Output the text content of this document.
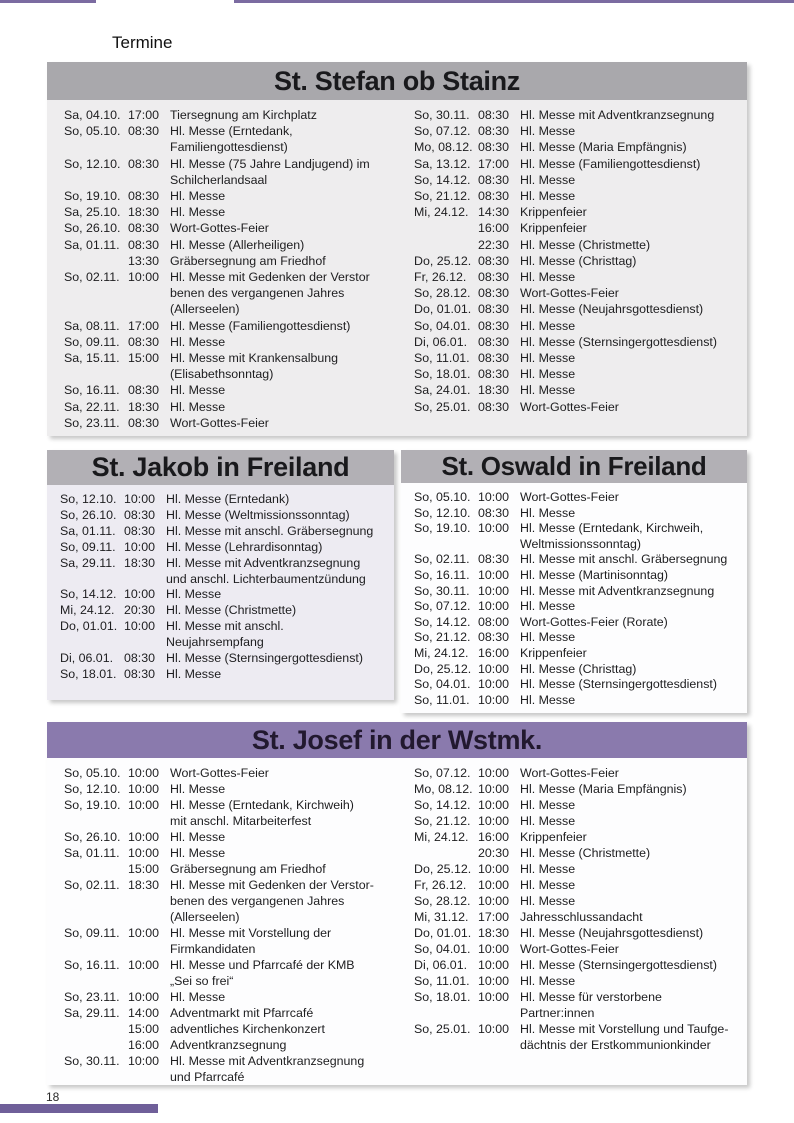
Termine
St. Stefan ob Stainz
Sa, 04.10. 17:00 Tiersegnung am Kirchplatz
So, 05.10. 08:30 Hl. Messe (Erntedank,
Familiengottesdienst)
So, 12.10. 08:30 Hl. Messe (75 Jahre Landjugend) im
Schilcherlandsaal
So, 19.10. 08:30 Hl. Messe
Sa, 25.10. 18:30 Hl. Messe
So, 26.10. 08:30 Wort-Gottes-Feier
Sa, 01.11. 08:30 Hl. Messe (Allerheiligen)
13:30 Gräbersegnung am Friedhof
So, 02.11. 10:00 Hl. Messe mit Gedenken der Verstor
benen des vergangenen Jahres
(Allerseelen)
Sa, 08.11. 17:00 Hl. Messe (Familiengottesdienst)
So, 09.11. 08:30 Hl. Messe
Sa, 15.11. 15:00 Hl. Messe mit Krankensalbung
(Elisabethsonntag)
So, 16.11. 08:30 Hl. Messe
Sa, 22.11. 18:30 Hl. Messe
So, 23.11. 08:30 Wort-Gottes-Feier
So, 30.11. 08:30 Hl. Messe mit Adventkranzsegnung
So, 07.12. 08:30 Hl. Messe
Mo, 08.12. 08:30 Hl. Messe (Maria Empfängnis)
Sa, 13.12. 17:00 Hl. Messe (Familiengottesdienst)
So, 14.12. 08:30 Hl. Messe
So, 21.12. 08:30 Hl. Messe
Mi, 24.12. 14:30 Krippenfeier
16:00 Krippenfeier
22:30 Hl. Messe (Christmette)
Do, 25.12. 08:30 Hl. Messe (Christtag)
Fr, 26.12. 08:30 Hl. Messe
So, 28.12. 08:30 Wort-Gottes-Feier
Do, 01.01. 08:30 Hl. Messe (Neujahrsgottesdienst)
So, 04.01. 08:30 Hl. Messe
Di, 06.01. 08:30 Hl. Messe (Sternsingergottesdienst)
So, 11.01. 08:30 Hl. Messe
So, 18.01. 08:30 Hl. Messe
Sa, 24.01. 18:30 Hl. Messe
So, 25.01. 08:30 Wort-Gottes-Feier
St. Jakob in Freiland
So, 12.10. 10:00 Hl. Messe (Erntedank)
So, 26.10. 08:30 Hl. Messe (Weltmissionssonntag)
Sa, 01.11. 08:30 Hl. Messe mit anschl. Gräbersegnung
So, 09.11. 10:00 Hl. Messe (Lehrardisonntag)
Sa, 29.11. 18:30 Hl. Messe mit Adventkranzsegnung
und anschl. Lichterbaumentzündung
So, 14.12. 10:00 Hl. Messe
Mi, 24.12. 20:30 Hl. Messe (Christmette)
Do, 01.01. 10:00 Hl. Messe mit anschl.
Neujahrsempfang
Di, 06.01. 08:30 Hl. Messe (Sternsingergottesdienst)
So, 18.01. 08:30 Hl. Messe
St. Oswald in Freiland
So, 05.10. 10:00 Wort-Gottes-Feier
So, 12.10. 08:30 Hl. Messe
So, 19.10. 10:00 Hl. Messe (Erntedank, Kirchweih,
Weltmissionssonntag)
So, 02.11. 08:30 Hl. Messe mit anschl. Gräbersegnung
So, 16.11. 10:00 Hl. Messe (Martinisonntag)
So, 30.11. 10:00 Hl. Messe mit Adventkranzsegnung
So, 07.12. 10:00 Hl. Messe
So, 14.12. 08:00 Wort-Gottes-Feier (Rorate)
So, 21.12. 08:30 Hl. Messe
Mi, 24.12. 16:00 Krippenfeier
Do, 25.12. 10:00 Hl. Messe (Christtag)
So, 04.01. 10:00 Hl. Messe (Sternsingergottesdienst)
So, 11.01. 10:00 Hl. Messe
St. Josef in der Wstmk.
So, 05.10. 10:00 Wort-Gottes-Feier
So, 12.10. 10:00 Hl. Messe
So, 19.10. 10:00 Hl. Messe (Erntedank, Kirchweih)
mit anschl. Mitarbeiterfest
So, 26.10. 10:00 Hl. Messe
Sa, 01.11. 10:00 Hl. Messe
15:00 Gräbersegnung am Friedhof
So, 02.11. 18:30 Hl. Messe mit Gedenken der Verstor-
benen des vergangenen Jahres
(Allerseelen)
So, 09.11. 10:00 Hl. Messe mit Vorstellung der
Firmkandidaten
So, 16.11. 10:00 Hl. Messe und Pfarrcafé der KMB
„Sei so frei“
So, 23.11. 10:00 Hl. Messe
Sa, 29.11. 14:00 Adventmarkt mit Pfarrcafé
15:00 adventliches Kirchenkonzert
16:00 Adventkranzsegnung
So, 30.11. 10:00 Hl. Messe mit Adventkranzsegnung
und Pfarrcafé
So, 07.12. 10:00 Wort-Gottes-Feier
Mo, 08.12. 10:00 Hl. Messe (Maria Empfängnis)
So, 14.12. 10:00 Hl. Messe
So, 21.12. 10:00 Hl. Messe
Mi, 24.12. 16:00 Krippenfeier
20:30 Hl. Messe (Christmette)
Do, 25.12. 10:00 Hl. Messe
Fr, 26.12. 10:00 Hl. Messe
So, 28.12. 10:00 Hl. Messe
Mi, 31.12. 17:00 Jahresschlussandacht
Do, 01.01. 18:30 Hl. Messe (Neujahrsgottesdienst)
So, 04.01. 10:00 Wort-Gottes-Feier
Di, 06.01. 10:00 Hl. Messe (Sternsingergottesdienst)
So, 11.01. 10:00 Hl. Messe
So, 18.01. 10:00 Hl. Messe für verstorbene
Partner:innen
So, 25.01. 10:00 Hl. Messe mit Vorstellung und Taufge-
dächtnis der Erstkommunionkinder
18
